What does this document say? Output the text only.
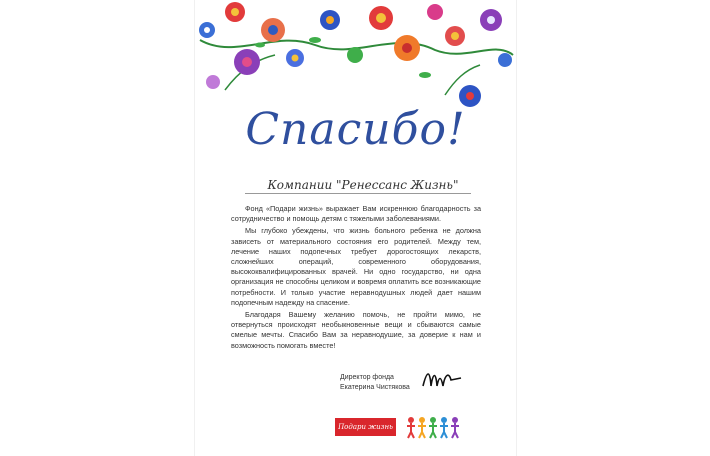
Спасибо!
Компании "Ренессанс Жизнь"

Фонд «Подари жизнь» выражает Вам искреннюю благодарность за сотрудничество и помощь детям с тяжелыми заболеваниями.

Мы глубоко убеждены, что жизнь больного ребенка не должна зависеть от материального состояния его родителей. Между тем, лечение наших подопечных требует дорогостоящих лекарств, сложнейших операций, современного оборудования, высококвалифицированных врачей. Ни одно государство, ни одна организация не способны целиком и вовремя оплатить все возникающие потребности. И только участие неравнодушных людей дает нашим подопечным надежду на спасение.

Благодаря Вашему желанию помочь, не пройти мимо, не отвернуться происходят необыкновенные вещи и сбываются самые смелые мечты. Спасибо Вам за неравнодушие, за доверие к нам и возможность помогать вместе!

Директор фонда
Екатерина Чистякова
Подари жизнь
